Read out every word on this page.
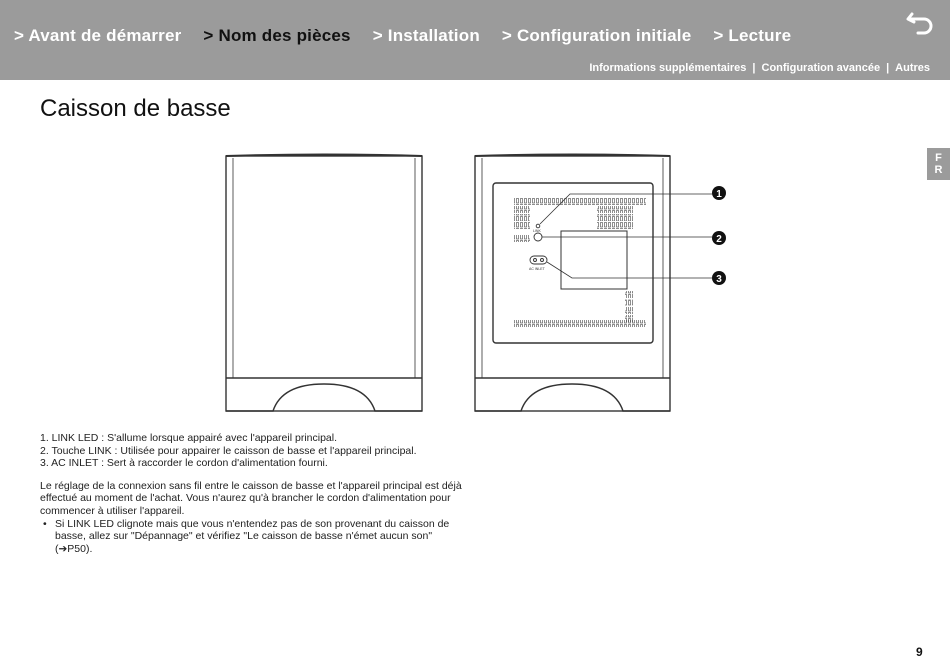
> Avant de démarrer > Nom des pièces > Installation > Configuration initiale > Lecture
Informations supplémentaires | Configuration avancée | Autres
Caisson de basse
F
R
LINK
AC INLET
1
2
3

1. LINK LED : S'allume lorsque appairé avec l'appareil principal.

2. Touche LINK : Utilisée pour appairer le caisson de basse et l'appareil principal.

3. AC INLET : Sert à raccorder le cordon d'alimentation fourni.

Le réglage de la connexion sans fil entre le caisson de basse et l'appareil principal est déjà effectué au moment de l'achat. Vous n'aurez qu'à brancher le cordon d'alimentation pour commencer à utiliser l'appareil.

• Si LINK LED clignote mais que vous n'entendez pas de son provenant du caisson de basse, allez sur "Dépannage" et vérifiez "Le caisson de basse n'émet aucun son"
(➔P50).
9
